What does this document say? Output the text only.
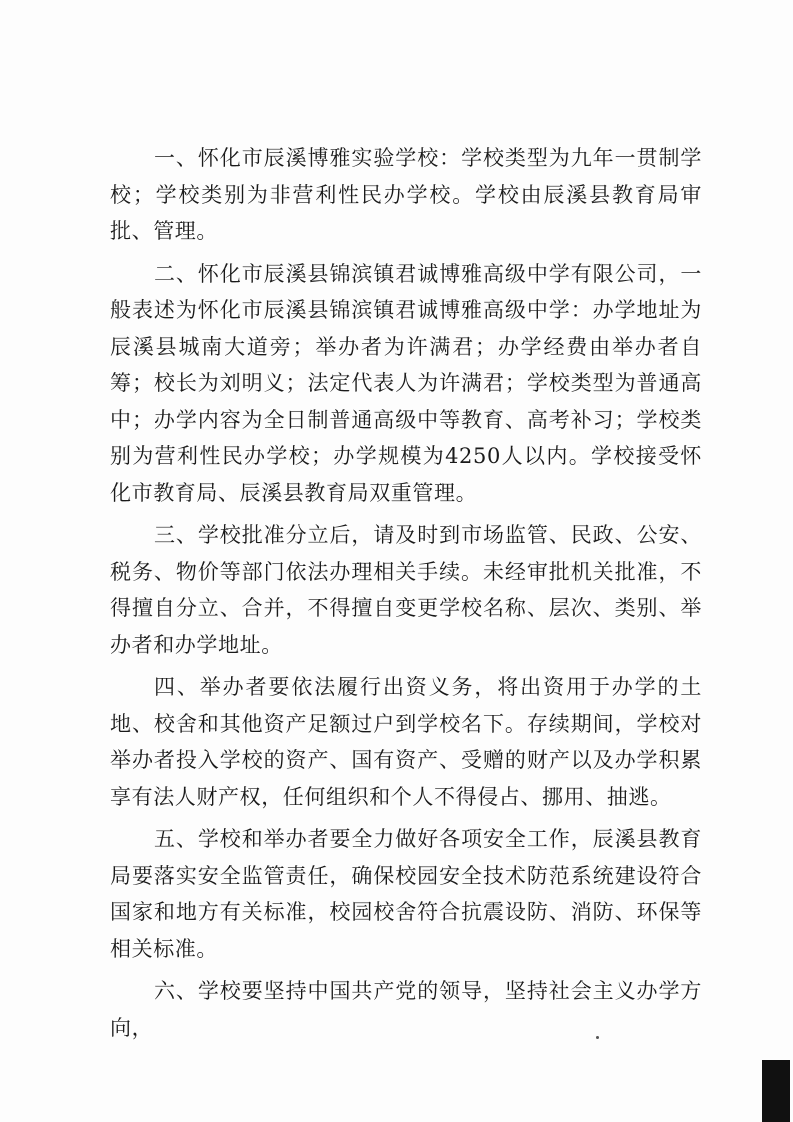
一、怀化市辰溪博雅实验学校：学校类型为九年一贯制学校；学校类别为非营利性民办学校。学校由辰溪县教育局审批、管理。

二、怀化市辰溪县锦滨镇君诚博雅高级中学有限公司，一般表述为怀化市辰溪县锦滨镇君诚博雅高级中学：办学地址为辰溪县城南大道旁；举办者为许满君；办学经费由举办者自筹；校长为刘明义；法定代表人为许满君；学校类型为普通高中；办学内容为全日制普通高级中等教育、高考补习；学校类别为营利性民办学校；办学规模为4250人以内。学校接受怀化市教育局、辰溪县教育局双重管理。

三、学校批准分立后，请及时到市场监管、民政、公安、税务、物价等部门依法办理相关手续。未经审批机关批准，不得擅自分立、合并，不得擅自变更学校名称、层次、类别、举办者和办学地址。

四、举办者要依法履行出资义务，将出资用于办学的土地、校舍和其他资产足额过户到学校名下。存续期间，学校对举办者投入学校的资产、国有资产、受赠的财产以及办学积累享有法人财产权，任何组织和个人不得侵占、挪用、抽逃。

五、学校和举办者要全力做好各项安全工作，辰溪县教育局要落实安全监管责任，确保校园安全技术防范系统建设符合国家和地方有关标准，校园校舍符合抗震设防、消防、环保等相关标准。

六、学校要坚持中国共产党的领导，坚持社会主义办学方向，
